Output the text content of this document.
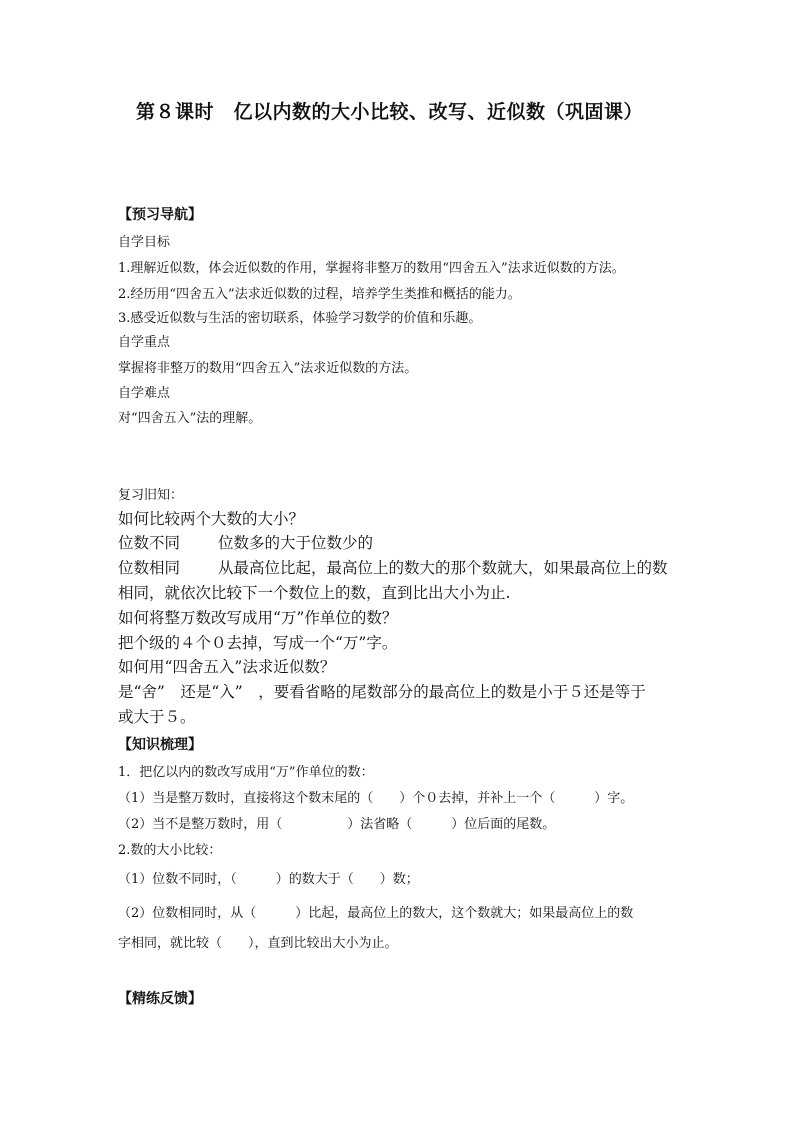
第８课时　亿以内数的大小比较、改写、近似数（巩固课）
【预习导航】
自学目标
1.理解近似数，体会近似数的作用，掌握将非整万的数用“四舍五入”法求近似数的方法。
2.经历用“四舍五入”法求近似数的过程，培养学生类推和概括的能力。
3.感受近似数与生活的密切联系，体验学习数学的价值和乐趣。
自学重点
掌握将非整万的数用“四舍五入”法求近似数的方法。
自学难点
对“四舍五入”法的理解。
复习旧知：
如何比较两个大数的大小？
位数不同 位数多的大于位数少的
位数相同 从最高位比起，最高位上的数大的那个数就大，如果最高位上的数
相同，就依次比较下一个数位上的数，直到比出大小为止.
如何将整万数改写成用“万”作单位的数？
把个级的４个０去掉，写成一个“万”字。
如何用“四舍五入”法求近似数？
是“舍”　还是“入”　，要看省略的尾数部分的最高位上的数是小于５还是等于
或大于５。
【知识梳理】
1．把亿以内的数改写成用“万”作单位的数：
（1）当是整万数时，直接将这个数末尾的（　　）个０去掉，并补上一个（　　　）字。
（2）当不是整万数时，用（　　　　　）法省略（　　　）位后面的尾数。
2.数的大小比较：
（1）位数不同时，（　　　）的数大于（　　）数；
（2）位数相同时，从（　　　）比起，最高位上的数大，这个数就大；如果最高位上的数
字相同，就比较（　　），直到比较出大小为止。
【精练反馈】
